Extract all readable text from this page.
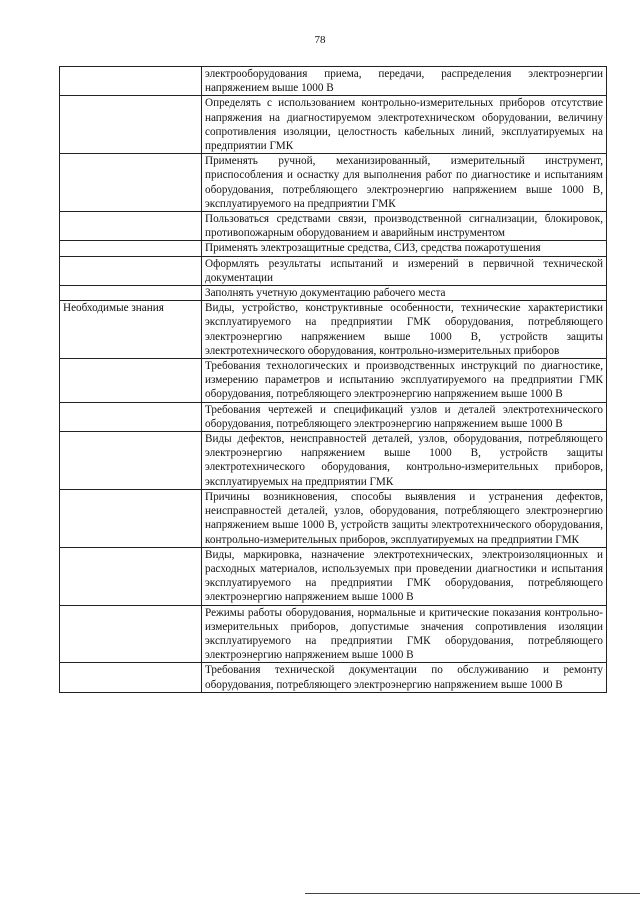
78
	электрооборудования приема, передачи, распределения электроэнергии напряжением выше 1000 В
	Определять с использованием контрольно-измерительных приборов отсутствие напряжения на диагностируемом электротехническом оборудовании, величину сопротивления изоляции, целостность кабельных линий, эксплуатируемых на предприятии ГМК
	Применять ручной, механизированный, измерительный инструмент, приспособления и оснастку для выполнения работ по диагностике и испытаниям оборудования, потребляющего электроэнергию напряжением выше 1000 В, эксплуатируемого на предприятии ГМК
	Пользоваться средствами связи, производственной сигнализации, блокировок, противопожарным оборудованием и аварийным инструментом
	Применять электрозащитные средства, СИЗ, средства пожаротушения
	Оформлять результаты испытаний и измерений в первичной технической документации
	Заполнять учетную документацию рабочего места
Необходимые знания	Виды, устройство, конструктивные особенности, технические характеристики эксплуатируемого на предприятии ГМК оборудования, потребляющего электроэнергию напряжением выше 1000 В, устройств защиты электротехнического оборудования, контрольно-измерительных приборов
	Требования технологических и производственных инструкций по диагностике, измерению параметров и испытанию эксплуатируемого на предприятии ГМК оборудования, потребляющего электроэнергию напряжением выше 1000 В
	Требования чертежей и спецификаций узлов и деталей электротехнического оборудования, потребляющего электроэнергию напряжением выше 1000 В
	Виды дефектов, неисправностей деталей, узлов, оборудования, потребляющего электроэнергию напряжением выше 1000 В, устройств защиты электротехнического оборудования, контрольно-измерительных приборов, эксплуатируемых на предприятии ГМК
	Причины возникновения, способы выявления и устранения дефектов, неисправностей деталей, узлов, оборудования, потребляющего электроэнергию напряжением выше 1000 В, устройств защиты электротехнического оборудования, контрольно-измерительных приборов, эксплуатируемых на предприятии ГМК
	Виды, маркировка, назначение электротехнических, электроизоляционных и расходных материалов, используемых при проведении диагностики и испытания эксплуатируемого на предприятии ГМК оборудования, потребляющего электроэнергию напряжением выше 1000 В
	Режимы работы оборудования, нормальные и критические показания контрольно-измерительных приборов, допустимые значения сопротивления изоляции эксплуатируемого на предприятии ГМК оборудования, потребляющего электроэнергию напряжением выше 1000 В
	Требования технической документации по обслуживанию и ремонту оборудования, потребляющего электроэнергию напряжением выше 1000 В
